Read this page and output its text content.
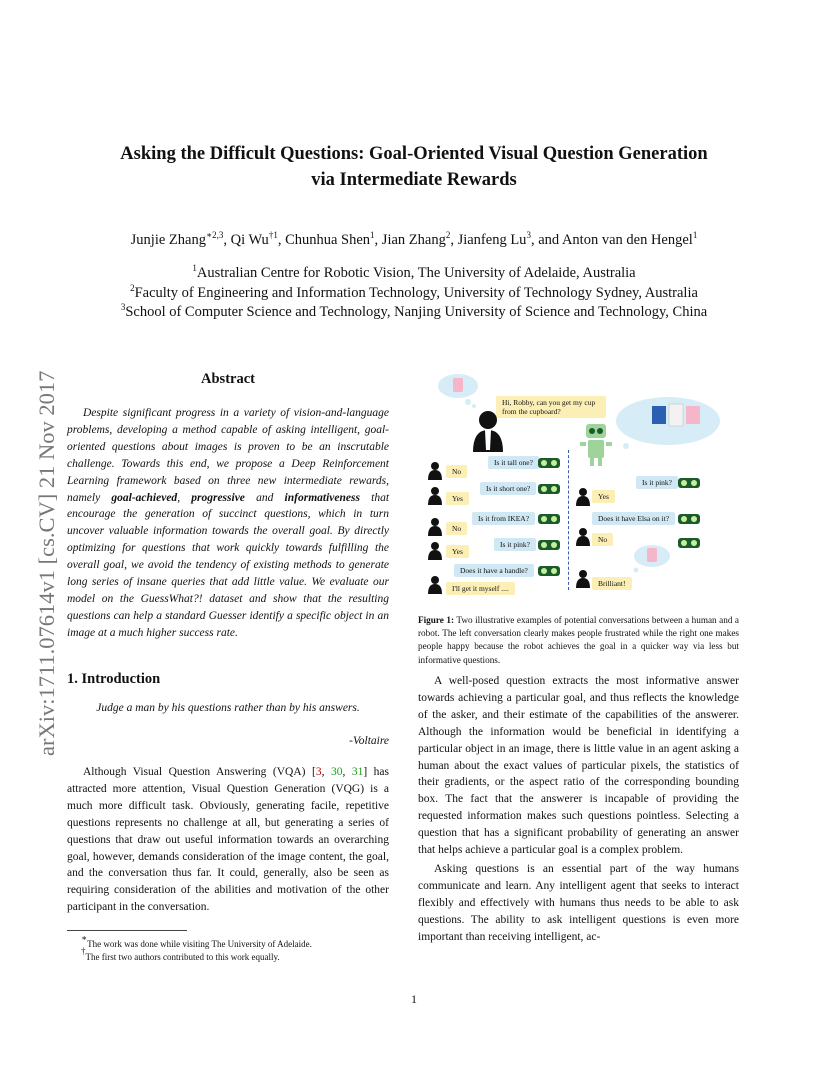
arXiv:1711.07614v1 [cs.CV] 21 Nov 2017
Asking the Difficult Questions: Goal-Oriented Visual Question Generation
via Intermediate Rewards
Junjie Zhang$^{∗2,3}$, Qi Wu$^{\dagger 1}$, Chunhua Shen$^1$, Jian Zhang$^2$, Jianfeng Lu$^3$, and Anton van den Hengel$^1$
$^1$Australian Centre for Robotic Vision, The University of Adelaide, Australia
$^2$Faculty of Engineering and Information Technology, University of Technology Sydney, Australia
$^3$School of Computer Science and Technology, Nanjing University of Science and Technology, China
Abstract
Despite significant progress in a variety of vision-and-language problems, developing a method capable of asking intelligent, goal-oriented questions about images is proven to be an inscrutable challenge. Towards this end, we propose a Deep Reinforcement Learning framework based on three new intermediate rewards, namely goal-achieved, progressive and informativeness that encourage the generation of succinct questions, which in turn uncover valuable information towards the overall goal. By directly optimizing for questions that work quickly towards fulfilling the overall goal, we avoid the tendency of existing methods to generate long series of insane queries that add little value. We evaluate our model on the GuessWhat?! dataset and show that the resulting questions can help a standard Guesser identify a specific object in an image at a much higher success rate.
1. Introduction
Judge a man by his questions rather than by his answers.
-Voltaire

Although Visual Question Answering (VQA) [3, 30, 31] has attracted more attention, Visual Question Generation (VQG) is a much more difficult task. Obviously, generating facile, repetitive questions represents no challenge at all, but generating a series of questions that draw out useful information towards an overarching goal, however, demands consideration of the image content, the goal, and the conversation thus far. It could, generally, also be seen as requiring consideration of the abilities and motivation of the other participant in the conversation.

∗The work was done while visiting The University of Adelaide.
†The first two authors contributed to this work equally.
Hi, Robby, can you get my cup from the cupboard?
Is it tall one?
No
Is it short one?
Yes
Is it from IKEA?
No
Is it pink?
Yes
Does it have a handle?
I'll get it myself ....
Is it pink?
Yes
Does it have Elsa on it?
No
Brilliant!
Figure 1: Two illustrative examples of potential conversations between a human and a robot. The left conversation clearly makes people frustrated while the right one makes people happy because the robot achieves the goal in a quicker way via less but informative questions.

A well-posed question extracts the most informative answer towards achieving a particular goal, and thus reflects the knowledge of the asker, and their estimate of the capabilities of the answerer. Although the information would be beneficial in identifying a particular object in an image, there is little value in an agent asking a human about the exact values of particular pixels, the statistics of their gradients, or the aspect ratio of the corresponding bounding box. The fact that the answerer is incapable of providing the requested information makes such questions pointless. Selecting a question that has a significant probability of generating an answer that helps achieve a particular goal is a complex problem.

Asking questions is an essential part of the way humans communicate and learn. Any intelligent agent that seeks to interact flexibly and effectively with humans thus needs to be able to ask questions. The ability to ask intelligent questions is even more important than receiving intelligent, ac-

1
